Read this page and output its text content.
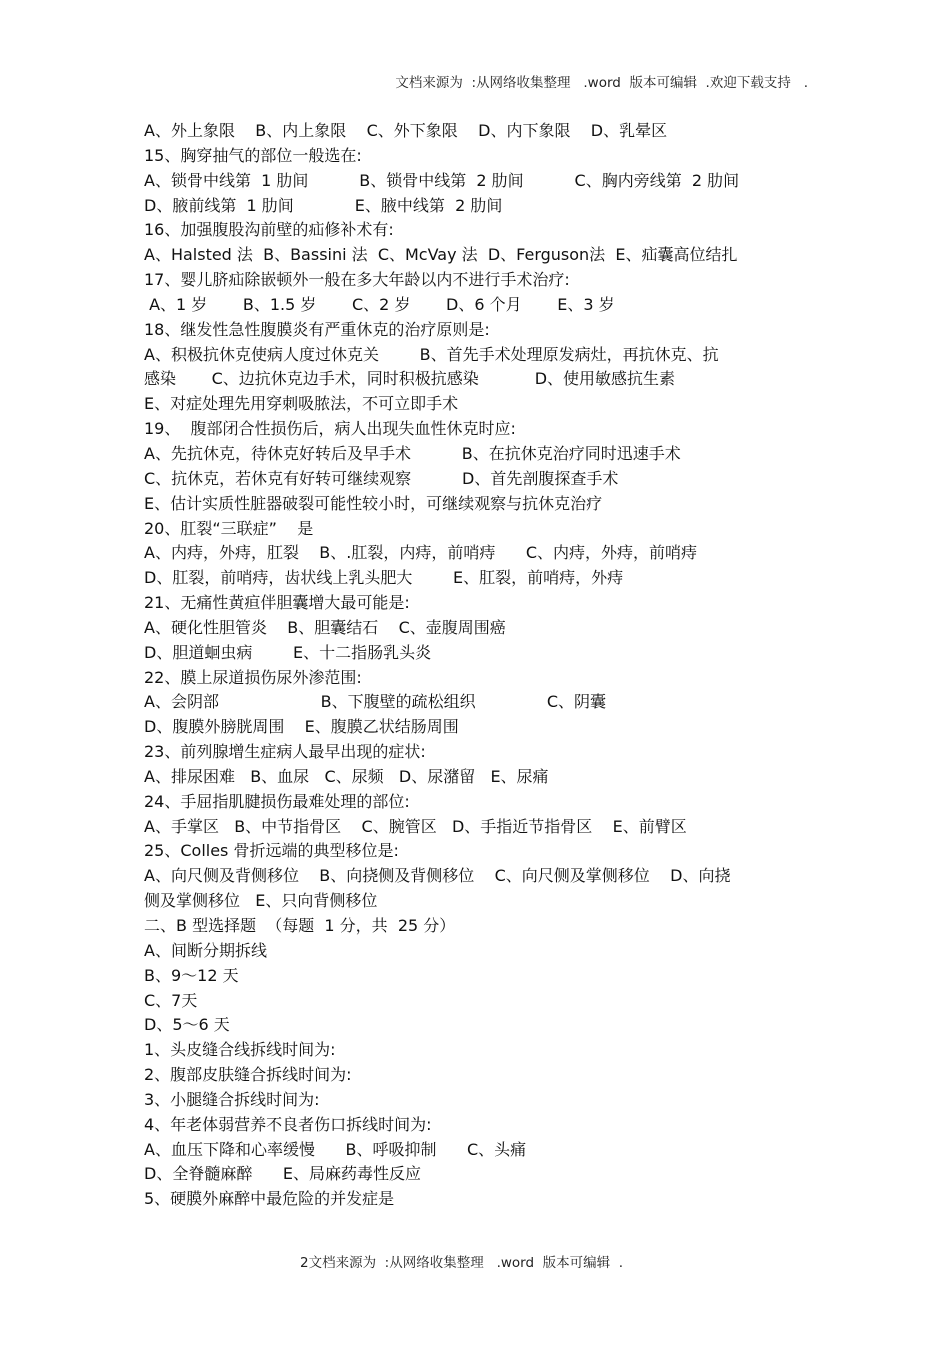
文档来源为  :从网络收集整理   .word  版本可编辑  .欢迎下载支持   .
A、外上象限    B、内上象限    C、外下象限    D、内下象限    D、乳晕区
15、胸穿抽气的部位一般选在:
A、锁骨中线第  1 肋间          B、锁骨中线第  2 肋间          C、胸内旁线第  2 肋间
D、腋前线第  1 肋间            E、腋中线第  2 肋间
16、加强腹股沟前壁的疝修补术有:
A、Halsted 法  B、Bassini 法  C、McVay 法  D、Ferguson法  E、疝囊高位结扎
17、婴儿脐疝除嵌顿外一般在多大年龄以内不进行手术治疗:
A、1 岁       B、1.5 岁       C、2 岁       D、6 个月       E、3 岁
18、继发性急性腹膜炎有严重休克的治疗原则是:
A、积极抗休克使病人度过休克关        B、首先手术处理原发病灶，再抗休克、抗
感染       C、边抗休克边手术，同时积极抗感染           D、使用敏感抗生素
E、对症处理先用穿刺吸脓法，不可立即手术
19、  腹部闭合性损伤后，病人出现失血性休克时应:
A、先抗休克，待休克好转后及早手术          B、在抗休克治疗同时迅速手术
C、抗休克，若休克有好转可继续观察          D、首先剖腹探查手术
E、估计实质性脏器破裂可能性较小时，可继续观察与抗休克治疗
20、肛裂“三联症”    是
A、内痔，外痔，肛裂    B、.肛裂，内痔，前哨痔      C、内痔，外痔，前哨痔
D、肛裂，前哨痔，齿状线上乳头肥大        E、肛裂，前哨痔，外痔
21、无痛性黄疸伴胆囊增大最可能是:
A、硬化性胆管炎    B、胆囊结石    C、壶腹周围癌
D、胆道蛔虫病        E、十二指肠乳头炎
22、膜上尿道损伤尿外渗范围:
A、会阴部                    B、下腹壁的疏松组织              C、阴囊
D、腹膜外膀胱周围    E、腹膜乙状结肠周围
23、前列腺增生症病人最早出现的症状:
A、排尿困难   B、血尿   C、尿频   D、尿潴留   E、尿痛
24、手屈指肌腱损伤最难处理的部位:
A、手掌区   B、中节指骨区    C、腕管区   D、手指近节指骨区    E、前臂区
25、Colles 骨折远端的典型移位是:
A、向尺侧及背侧移位    B、向挠侧及背侧移位    C、向尺侧及掌侧移位    D、向挠
侧及掌侧移位   E、只向背侧移位
二、B 型选择题  （每题  1 分，共  25 分）
A、间断分期拆线
B、9～12 天
C、7天
D、5～6 天
1、头皮缝合线拆线时间为:
2、腹部皮肤缝合拆线时间为:
3、小腿缝合拆线时间为:
4、年老体弱营养不良者伤口拆线时间为:
A、血压下降和心率缓慢      B、呼吸抑制      C、头痛
D、全脊髓麻醉      E、局麻药毒性反应
5、硬膜外麻醉中最危险的并发症是
2文档来源为  :从网络收集整理   .word  版本可编辑  .
